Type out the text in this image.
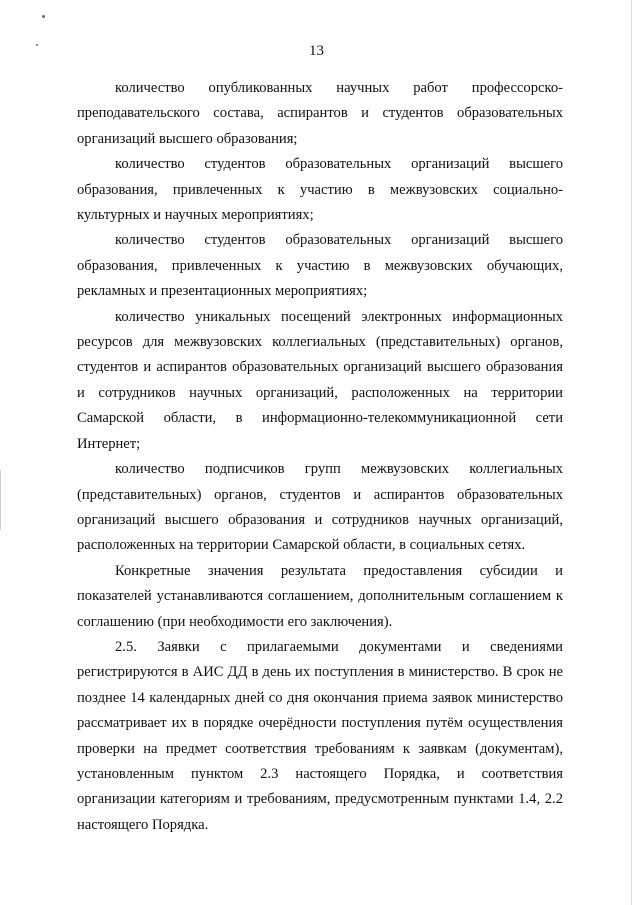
13

количество опубликованных научных работ профессорско-преподавательского состава, аспирантов и студентов образовательных организаций высшего образования;

количество студентов образовательных организаций высшего образования, привлеченных к участию в межвузовских социально-культурных и научных мероприятиях;

количество студентов образовательных организаций высшего образования, привлеченных к участию в межвузовских обучающих, рекламных и презентационных мероприятиях;

количество уникальных посещений электронных информационных ресурсов для межвузовских коллегиальных (представительных) органов, студентов и аспирантов образовательных организаций высшего образования и сотрудников научных организаций, расположенных на территории Самарской области, в информационно-телекоммуникационной сети Интернет;

количество подписчиков групп межвузовских коллегиальных (представительных) органов, студентов и аспирантов образовательных организаций высшего образования и сотрудников научных организаций, расположенных на территории Самарской области, в социальных сетях.

Конкретные значения результата предоставления субсидии и показателей устанавливаются соглашением, дополнительным соглашением к соглашению (при необходимости его заключения).

2.5. Заявки с прилагаемыми документами и сведениями регистрируются в АИС ДД в день их поступления в министерство. В срок не позднее 14 календарных дней со дня окончания приема заявок министерство рассматривает их в порядке очерёдности поступления путём осуществления проверки на предмет соответствия требованиям к заявкам (документам), установленным пунктом 2.3 настоящего Порядка, и соответствия организации категориям и требованиям, предусмотренным пунктами 1.4, 2.2 настоящего Порядка.
